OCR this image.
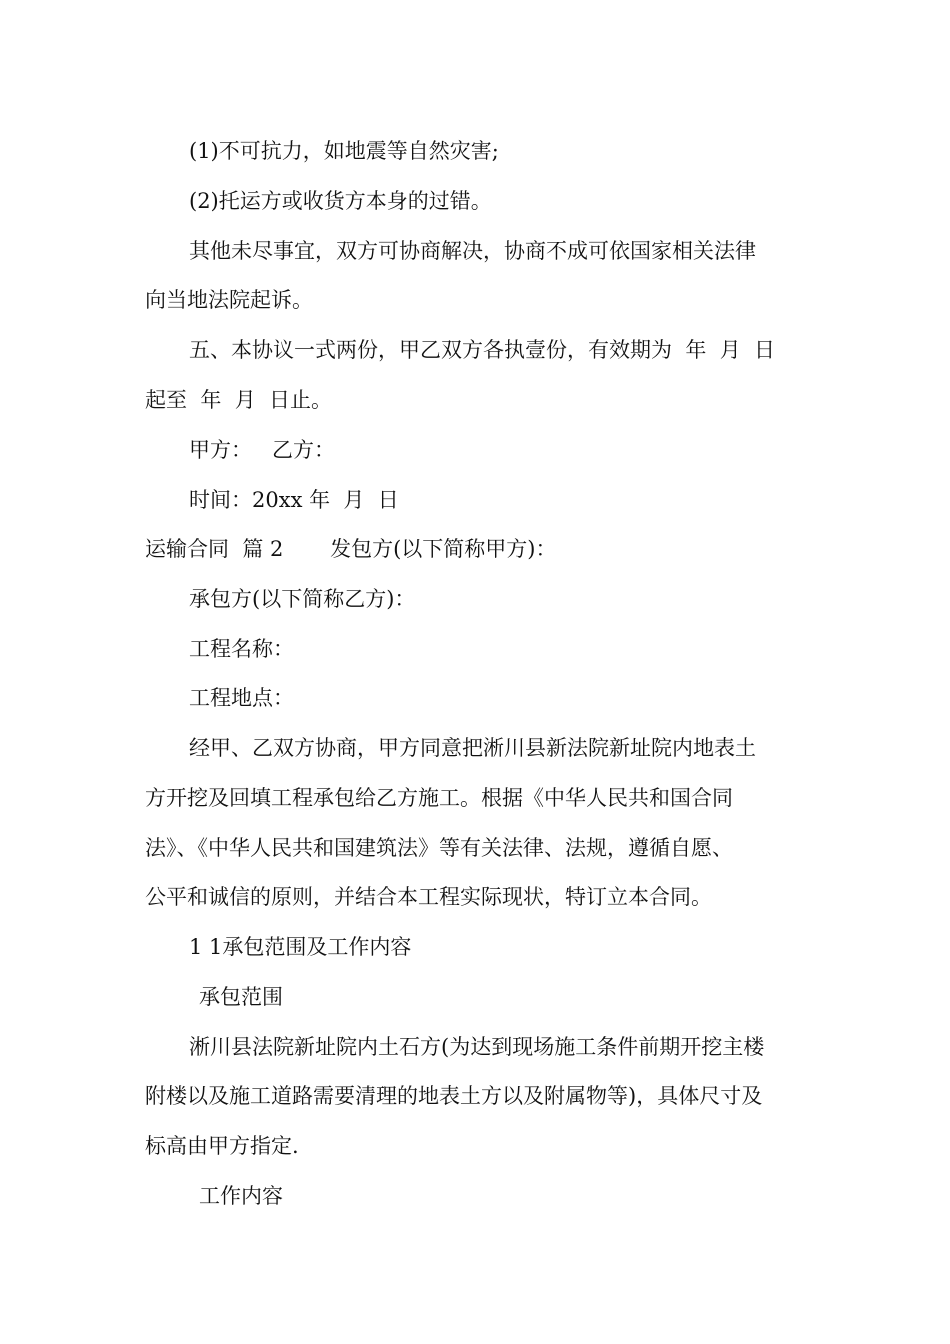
(1)不可抗力，如地震等自然灾害;

(2)托运方或收货方本身的过错。

其他未尽事宜，双方可协商解决，协商不成可依国家相关法律

向当地法院起诉。

五、本协议一式两份，甲乙双方各执壹份，有效期为  年  月  日

起至  年  月  日止。

甲方：   乙方：

时间：20xx 年  月  日

运输合同  篇 2       发包方(以下简称甲方)：

承包方(以下简称乙方)：

工程名称：

工程地点：

经甲、乙双方协商，甲方同意把淅川县新法院新址院内地表土

方开挖及回填工程承包给乙方施工。根据《中华人民共和国合同

法》、《中华人民共和国建筑法》等有关法律、法规，遵循自愿、

公平和诚信的原则，并结合本工程实际现状，特订立本合同。

1 1承包范围及工作内容

承包范围

淅川县法院新址院内土石方(为达到现场施工条件前期开挖主楼

附楼以及施工道路需要清理的地表土方以及附属物等)，具体尺寸及

标高由甲方指定.

工作内容
